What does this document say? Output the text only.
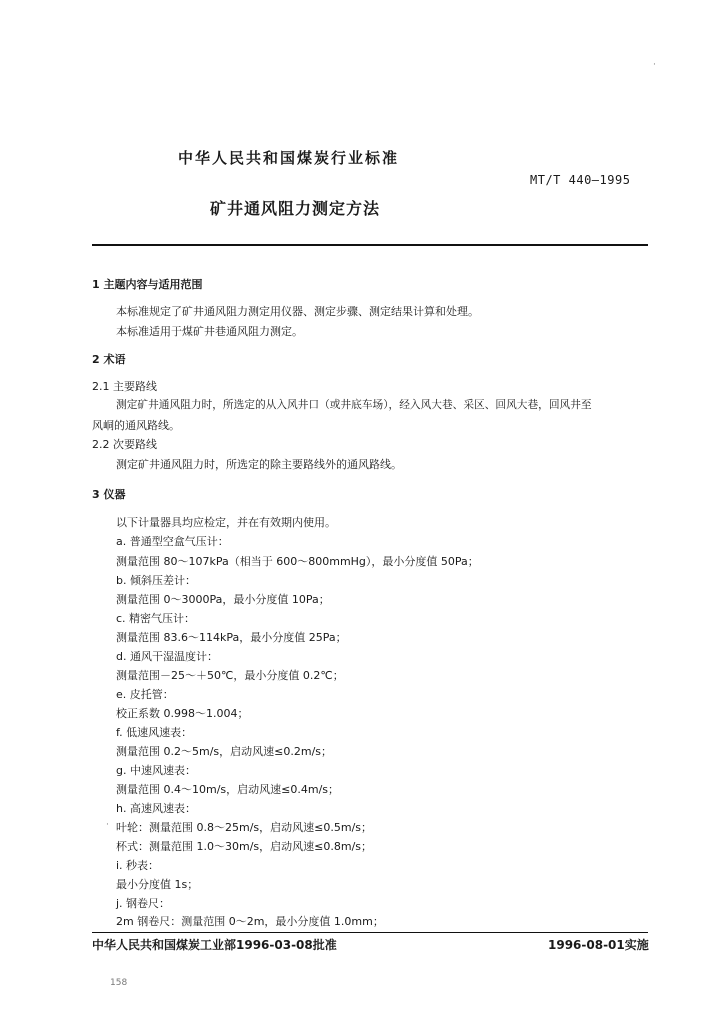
中华人民共和国煤炭行业标准
MT/T 440—1995
矿井通风阻力测定方法
1 主题内容与适用范围
本标准规定了矿井通风阻力测定用仪器、测定步骤、测定结果计算和处理。
本标准适用于煤矿井巷通风阻力测定。
2 术语
2.1 主要路线
测定矿井通风阻力时，所选定的从入风井口（或井底车场），经入风大巷、采区、回风大巷，回风井至
风峒的通风路线。
2.2 次要路线
测定矿井通风阻力时，所选定的除主要路线外的通风路线。
3 仪器
以下计量器具均应检定，并在有效期内使用。
a. 普通型空盒气压计：
测量范围 80～107kPa（相当于 600～800mmHg），最小分度值 50Pa；
b. 倾斜压差计：
测量范围 0～3000Pa，最小分度值 10Pa；
c. 精密气压计：
测量范围 83.6～114kPa，最小分度值 25Pa；
d. 通风干湿温度计：
测量范围－25～＋50℃，最小分度值 0.2℃；
e. 皮托管：
校正系数 0.998～1.004；
f. 低速风速表：
测量范围 0.2～5m/s，启动风速≤0.2m/s；
g. 中速风速表：
测量范围 0.4～10m/s，启动风速≤0.4m/s；
h. 高速风速表：
叶轮：测量范围 0.8～25m/s，启动风速≤0.5m/s；
杯式：测量范围 1.0～30m/s，启动风速≤0.8m/s；
i. 秒表：
最小分度值 1s；
j. 钢卷尺：
2m 钢卷尺：测量范围 0～2m，最小分度值 1.0mm；
中华人民共和国煤炭工业部1996-03-08批准	1996-08-01实施
158
·
·
